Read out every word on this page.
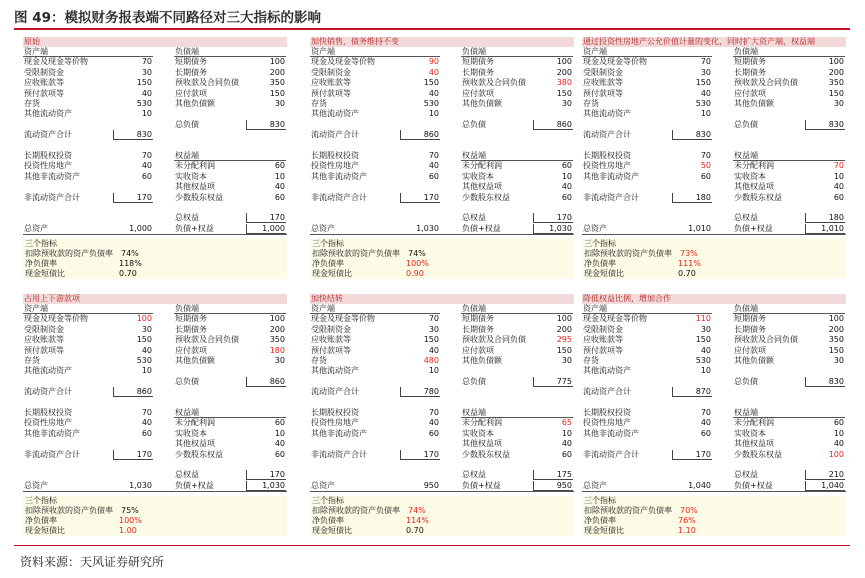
图 49：模拟财务报表端不同路径对三大指标的影响
原始
资产端	负债端
现金及现金等价物	70	短期债务	100
受限制资金	30	长期债务	200
应收账款等	150	预收款及合同负债	350
预付款项等	40	应付款项	150
存货	530	其他负债额	30
其他流动资产	10
总负债	830
流动资产合计	830
长期股权投资	70	权益端
投资性房地产	40	未分配利润	60
其他非流动资产	60	实收资本	10
其他权益项	40
非流动资产合计	170	少数股东权益	60
总权益	170
总资产	1,000	负债+权益	1,000
三个指标
扣除预收款的资产负债率 74%
净负债率	118%
现金短债比	0.70
加快销售，债务维持不变
资产端	负债端
现金及现金等价物	90	短期债务	100
受限制资金	40	长期债务	200
应收账款等	150	预收款及合同负债	380
预付款项等	40	应付款项	150
存货	530	其他负债额	30
其他流动资产	10
总负债	860
流动资产合计	860
长期股权投资	70	权益端
投资性房地产	40	未分配利润	60
其他非流动资产	60	实收资本	10
其他权益项	40
非流动资产合计	170	少数股东权益	60
总权益	170
总资产	1,030	负债+权益	1,030
三个指标
扣除预收款的资产负债率 74%
净负债率	100%
现金短债比	0.90
通过投资性房地产公允价值计量的变化，同时扩大资产端，权益端
资产端	负债端
现金及现金等价物	70	短期债务	100
受限制资金	30	长期债务	200
应收账款等	150	预收款及合同负债	350
预付款项等	40	应付款项	150
存货	530	其他负债额	30
其他流动资产	10
总负债	830
流动资产合计	830
长期股权投资	70	权益端
投资性房地产	50	未分配利润	70
其他非流动资产	60	实收资本	10
其他权益项	40
非流动资产合计	180	少数股东权益	60
总权益	180
总资产	1,010	负债+权益	1,010
三个指标
扣除预收款的资产负债率 73%
净负债率	111%
现金短债比	0.70
占用上下游款项
资产端	负债端
现金及现金等价物	100	短期债务	100
受限制资金	30	长期债务	200
应收账款等	150	预收款及合同负债	350
预付款项等	40	应付款项	180
存货	530	其他负债额	30
其他流动资产	10
总负债	860
流动资产合计	860
长期股权投资	70	权益端
投资性房地产	40	未分配利润	60
其他非流动资产	60	实收资本	10
其他权益项	40
非流动资产合计	170	少数股东权益	60
总权益	170
总资产	1,030	负债+权益	1,030
三个指标
扣除预收款的资产负债率 75%
净负债率	100%
现金短债比	1.00
加快结转
资产端	负债端
现金及现金等价物	70	短期债务	100
受限制资金	30	长期债务	200
应收账款等	150	预收款及合同负债	295
预付款项等	40	应付款项	150
存货	480	其他负债额	30
其他流动资产	10
总负债	775
流动资产合计	780
长期股权投资	70	权益端
投资性房地产	40	未分配利润	65
其他非流动资产	60	实收资本	10
其他权益项	40
非流动资产合计	170	少数股东权益	60
总权益	175
总资产	950	负债+权益	950
三个指标
扣除预收款的资产负债率 74%
净负债率	114%
现金短债比	0.70
降低权益比例，增加合作
资产端	负债端
现金及现金等价物	110	短期债务	100
受限制资金	30	长期债务	200
应收账款等	150	预收款及合同负债	350
预付款项等	40	应付款项	150
存货	530	其他负债额	30
其他流动资产	10
总负债	830
流动资产合计	870
长期股权投资	70	权益端
投资性房地产	40	未分配利润	60
其他非流动资产	60	实收资本	10
其他权益项	40
非流动资产合计	170	少数股东权益	100
总权益	210
总资产	1,040	负债+权益	1,040
三个指标
扣除预收款的资产负债率 70%
净负债率	76%
现金短债比	1.10
资料来源：天风证券研究所
